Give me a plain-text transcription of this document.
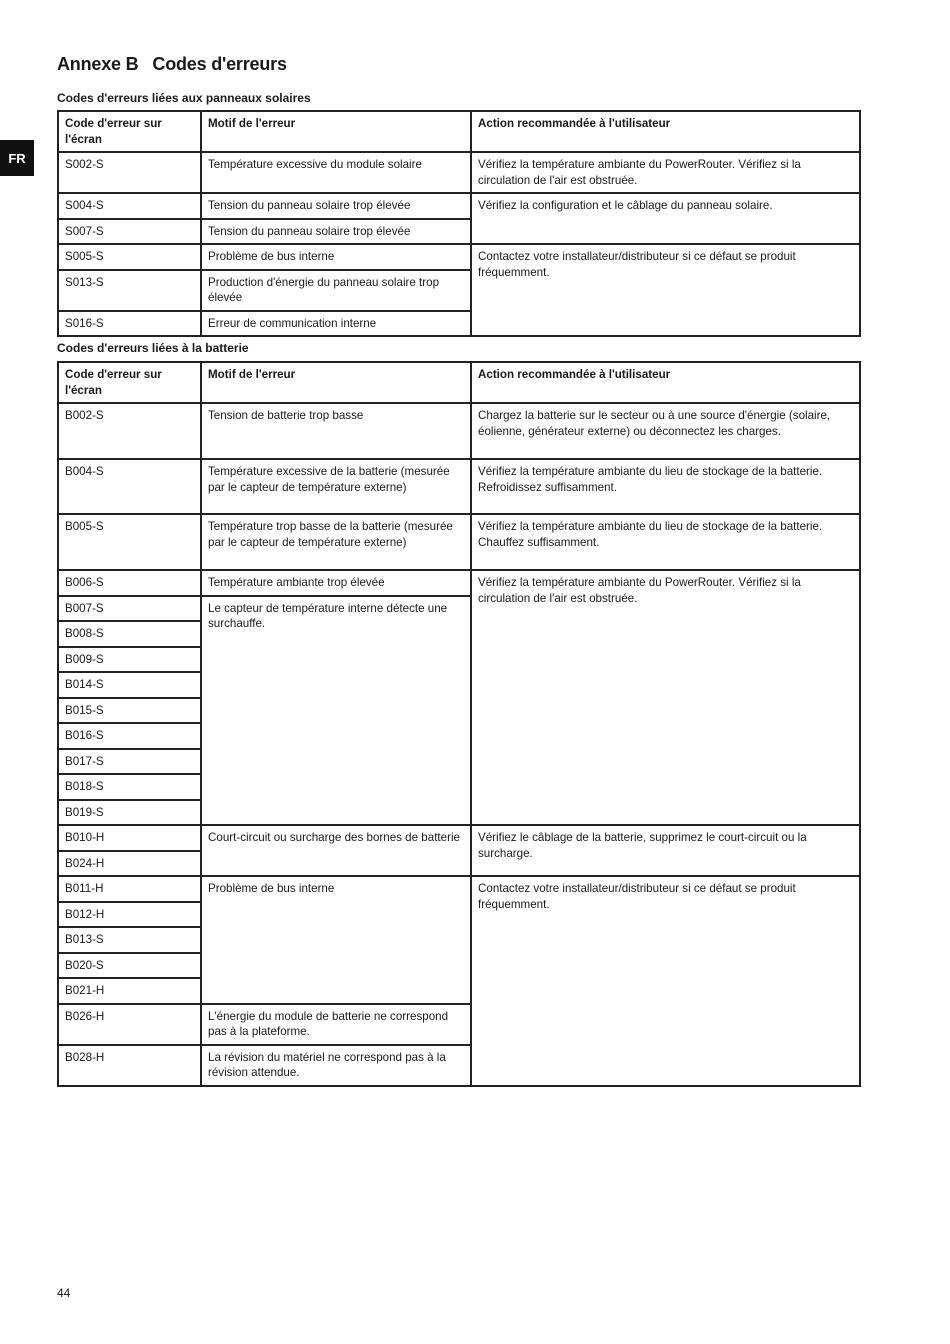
FR
Annexe B Codes d'erreurs
Codes d'erreurs liées aux panneaux solaires
Code d'erreur sur l'écran	Motif de l'erreur	Action recommandée à l'utilisateur
S002-S	Température excessive du module solaire	Vérifiez la température ambiante du PowerRouter. Vérifiez si la circulation de l'air est obstruée.
S004-S	Tension du panneau solaire trop élevée	Vérifiez la configuration et le câblage du panneau solaire.
S007-S	Tension du panneau solaire trop élevée	
S005-S	Problème de bus interne	Contactez votre installateur/distributeur si ce défaut se produit fréquemment.
S013-S	Production d'énergie du panneau solaire trop élevée	
S016-S	Erreur de communication interne	
Codes d'erreurs liées à la batterie
Code d'erreur sur l'écran	Motif de l'erreur	Action recommandée à l'utilisateur
B002-S	Tension de batterie trop basse	Chargez la batterie sur le secteur ou à une source d'énergie (solaire, éolienne, générateur externe) ou déconnectez les charges.
B004-S	Température excessive de la batterie (mesurée par le capteur de température externe)	Vérifiez la température ambiante du lieu de stockage de la batterie. Refroidissez suffisamment.
B005-S	Température trop basse de la batterie (mesurée par le capteur de température externe)	Vérifiez la température ambiante du lieu de stockage de la batterie. Chauffez suffisamment.
B006-S	Température ambiante trop élevée	Vérifiez la température ambiante du PowerRouter. Vérifiez si la circulation de l'air est obstruée.
B007-S	Le capteur de température interne détecte une surchauffe.	
B008-S		
B009-S		
B014-S		
B015-S		
B016-S		
B017-S		
B018-S		
B019-S		
B010-H	Court-circuit ou surcharge des bornes de batterie	Vérifiez le câblage de la batterie, supprimez le court-circuit ou la surcharge.
B024-H		
B011-H	Problème de bus interne	Contactez votre installateur/distributeur si ce défaut se produit fréquemment.
B012-H		
B013-S		
B020-S		
B021-H		
B026-H	L'énergie du module de batterie ne correspond pas à la plateforme.	
B028-H	La révision du matériel ne correspond pas à la révision attendue.	
44
